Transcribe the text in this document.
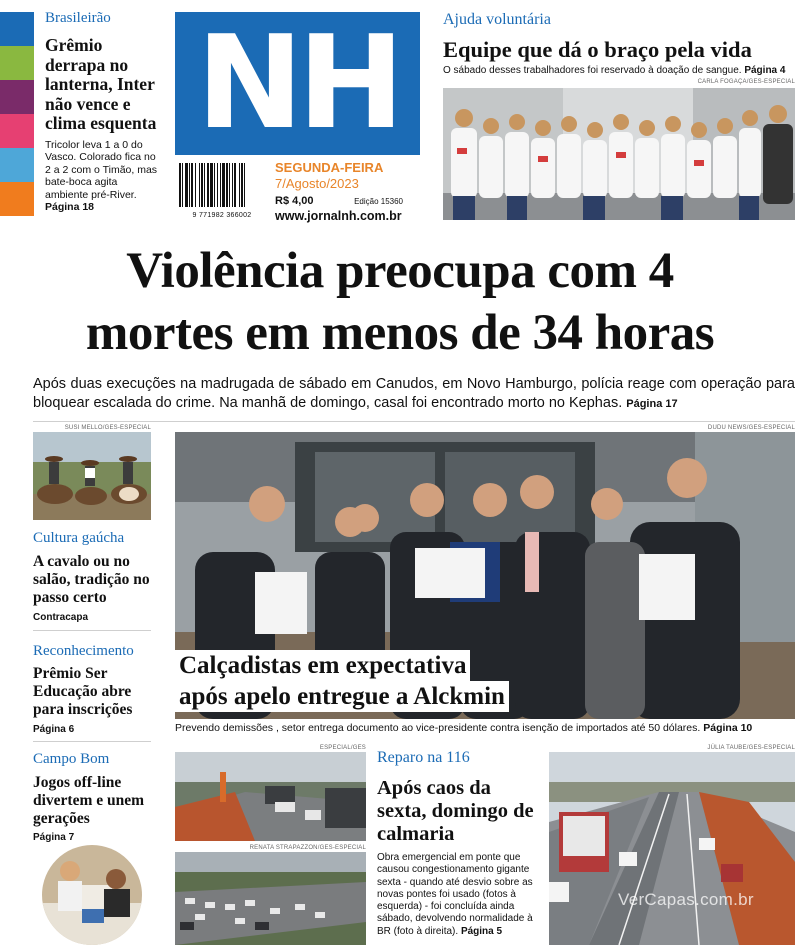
Brasileirão
Grêmio derrapa no lanterna, Inter não vence e clima esquenta
Tricolor leva 1 a 0 do Vasco. Colorado fica no 2 a 2 com o Timão, mas bate-boca agita ambiente pré-River.
Página 18
NH
9 771982 366002
SEGUNDA-FEIRA
7/Agosto/2023
R$ 4,00	Edição 15360
www.jornalnh.com.br
Ajuda voluntária
Equipe que dá o braço pela vida
O sábado desses trabalhadores foi reservado à doação de sangue. Página 4
CARLA FOGAÇA/GES-ESPECIAL
Violência preocupa com 4
mortes em menos de 34 horas
Após duas execuções na madrugada de sábado em Canudos, em Novo Hamburgo, polícia reage com operação para bloquear escalada do crime. Na manhã de domingo, casal foi encontrado morto no Kephas. Página 17
SUSI MELLO/GES-ESPECIAL
Cultura gaúcha
A cavalo ou no salão, tradição no passo certo
Contracapa
Reconhecimento
Prêmio Ser Educação abre para inscrições
Página 6
Campo Bom
Jogos off-line divertem e unem gerações
Página 7
DUDU NEWS/GES-ESPECIAL
Calçadistas em expectativa
após apelo entregue a Alckmin
Prevendo demissões , setor entrega documento ao vice-presidente contra isenção de importados até 50 dólares. Página 10
ESPECIAL/GES
RENATA STRAPAZZON/GES-ESPECIAL
Reparo na 116
Após caos da sexta, domingo de calmaria
Obra emergencial em ponte que causou congestionamento gigante sexta - quando até desvio sobre as novas pontes foi usado (fotos à esquerda) - foi concluída ainda sábado, devolvendo normalidade à BR (foto à direita). Página 5
JÚLIA TAUBE/GES-ESPECIAL
VerCapas.com.br
